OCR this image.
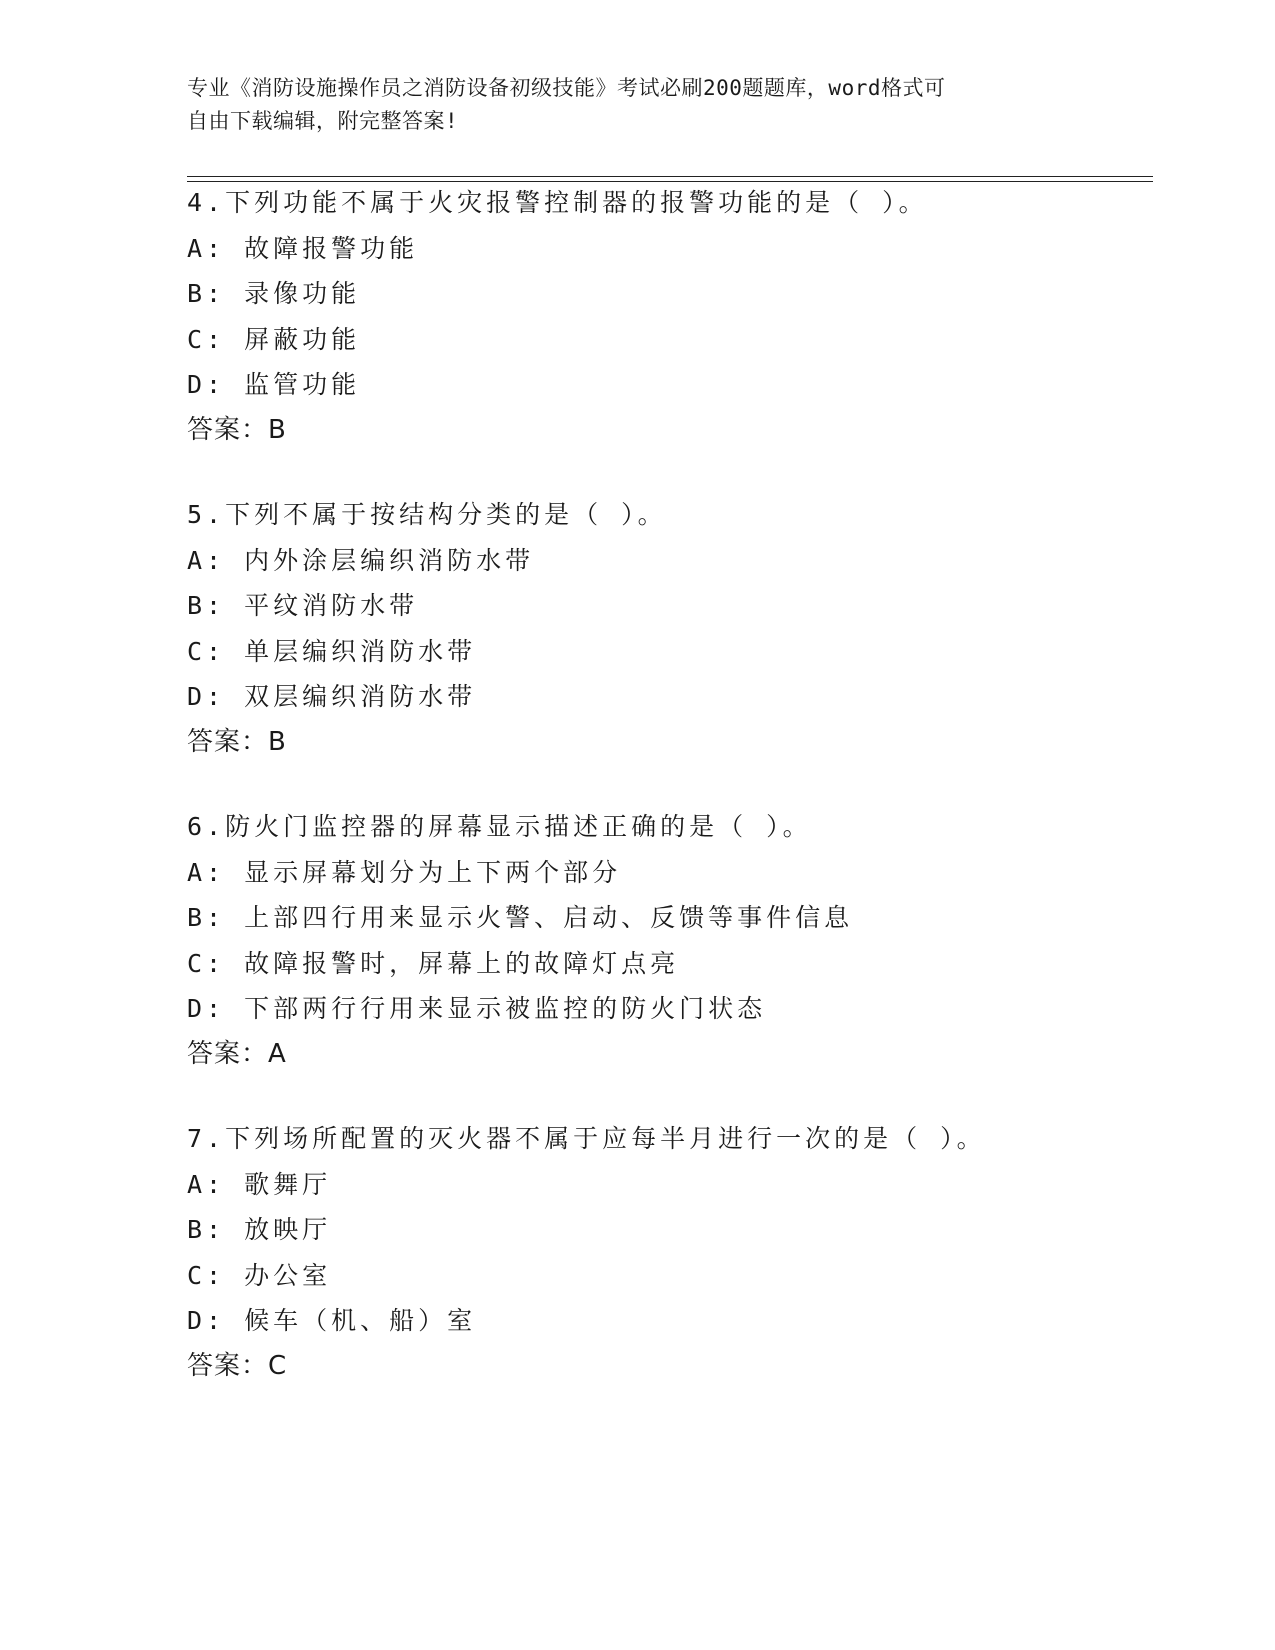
专业《消防设施操作员之消防设备初级技能》考试必刷200题题库，word格式可
自由下载编辑，附完整答案!
4.下列功能不属于火灾报警控制器的报警功能的是（ ）。
A: 故障报警功能
B: 录像功能
C: 屏蔽功能
D: 监管功能
答案：B
5.下列不属于按结构分类的是（ ）。
A: 内外涂层编织消防水带
B: 平纹消防水带
C: 单层编织消防水带
D: 双层编织消防水带
答案：B
6.防火门监控器的屏幕显示描述正确的是（ ）。
A: 显示屏幕划分为上下两个部分
B: 上部四行用来显示火警、启动、反馈等事件信息
C: 故障报警时，屏幕上的故障灯点亮
D: 下部两行行用来显示被监控的防火门状态
答案：A
7.下列场所配置的灭火器不属于应每半月进行一次的是（ ）。
A: 歌舞厅
B: 放映厅
C: 办公室
D: 候车（机、船）室
答案：C
